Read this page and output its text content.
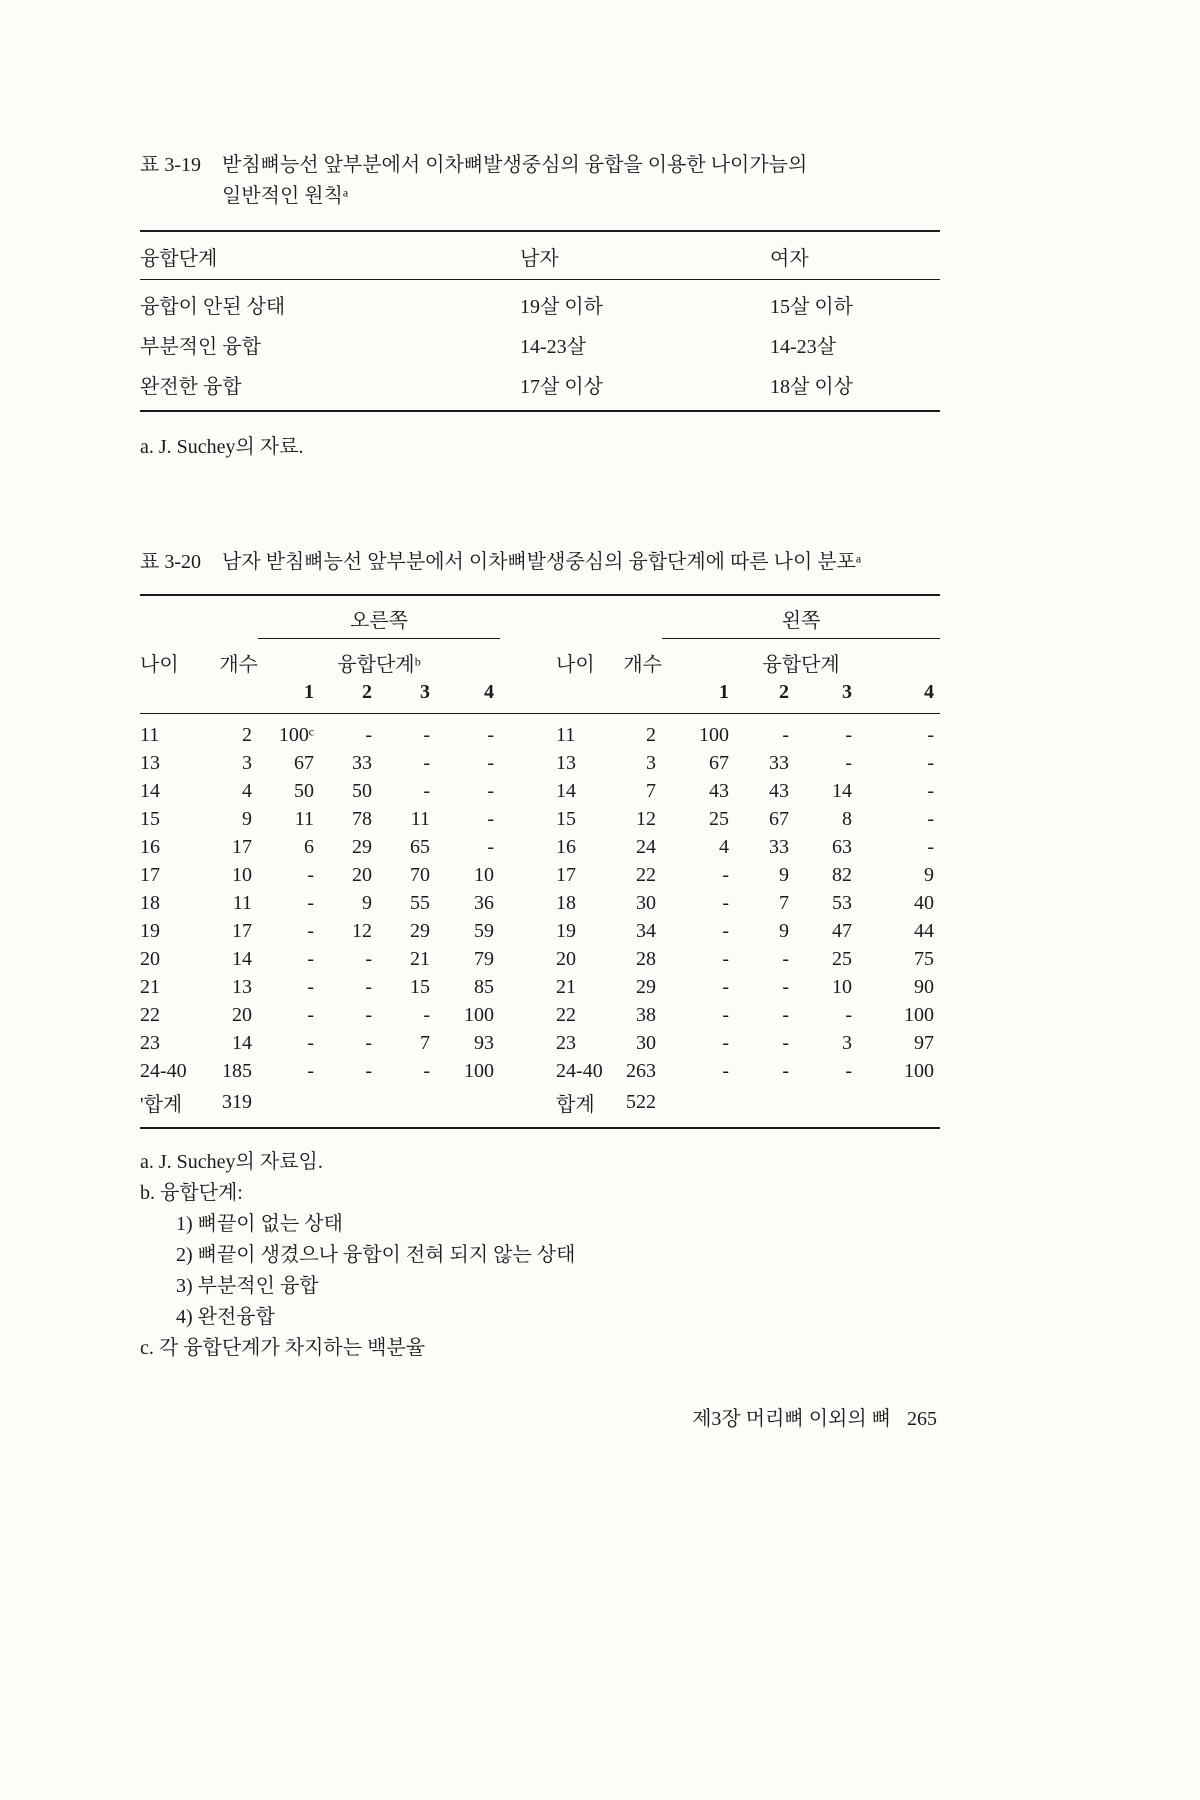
표 3-19	받침뼈능선 앞부분에서 이차뼈발생중심의 융합을 이용한 나이가늠의
일반적인 원칙ᵃ
융합단계	남자	여자
융합이 안된 상태	19살 이하	15살 이하
부분적인 융합	14-23살	14-23살
완전한 융합	17살 이상	18살 이상
a. J. Suchey의 자료.
표 3-20	남자 받침뼈능선 앞부분에서 이차뼈발생중심의 융합단계에 따른 나이 분포ᵃ
		오른쪽						왼쪽			
나이	개수	융합단계ᵇ				나이	개수	융합단계			
		1	2	3	4			1	2	3	4
11	2	100ᶜ	-	-	-	11	2	100	-	-	-
13	3	67	33	-	-	13	3	67	33	-	-
14	4	50	50	-	-	14	7	43	43	14	-
15	9	11	78	11	-	15	12	25	67	8	-
16	17	6	29	65	-	16	24	4	33	63	-
17	10	-	20	70	10	17	22	-	9	82	9
18	11	-	9	55	36	18	30	-	7	53	40
19	17	-	12	29	59	19	34	-	9	47	44
20	14	-	-	21	79	20	28	-	-	25	75
21	13	-	-	15	85	21	29	-	-	10	90
22	20	-	-	-	100	22	38	-	-	-	100
23	14	-	-	7	93	23	30	-	-	3	97
24-40	185	-	-	-	100	24-40	263	-	-	-	100
'합계	319					합계	522				
a. J. Suchey의 자료임.
b. 융합단계:
1) 뼈끝이 없는 상태
2) 뼈끝이 생겼으나 융합이 전혀 되지 않는 상태
3) 부분적인 융합
4) 완전융합
c. 각 융합단계가 차지하는 백분율
제3장 머리뼈 이외의 뼈 265
